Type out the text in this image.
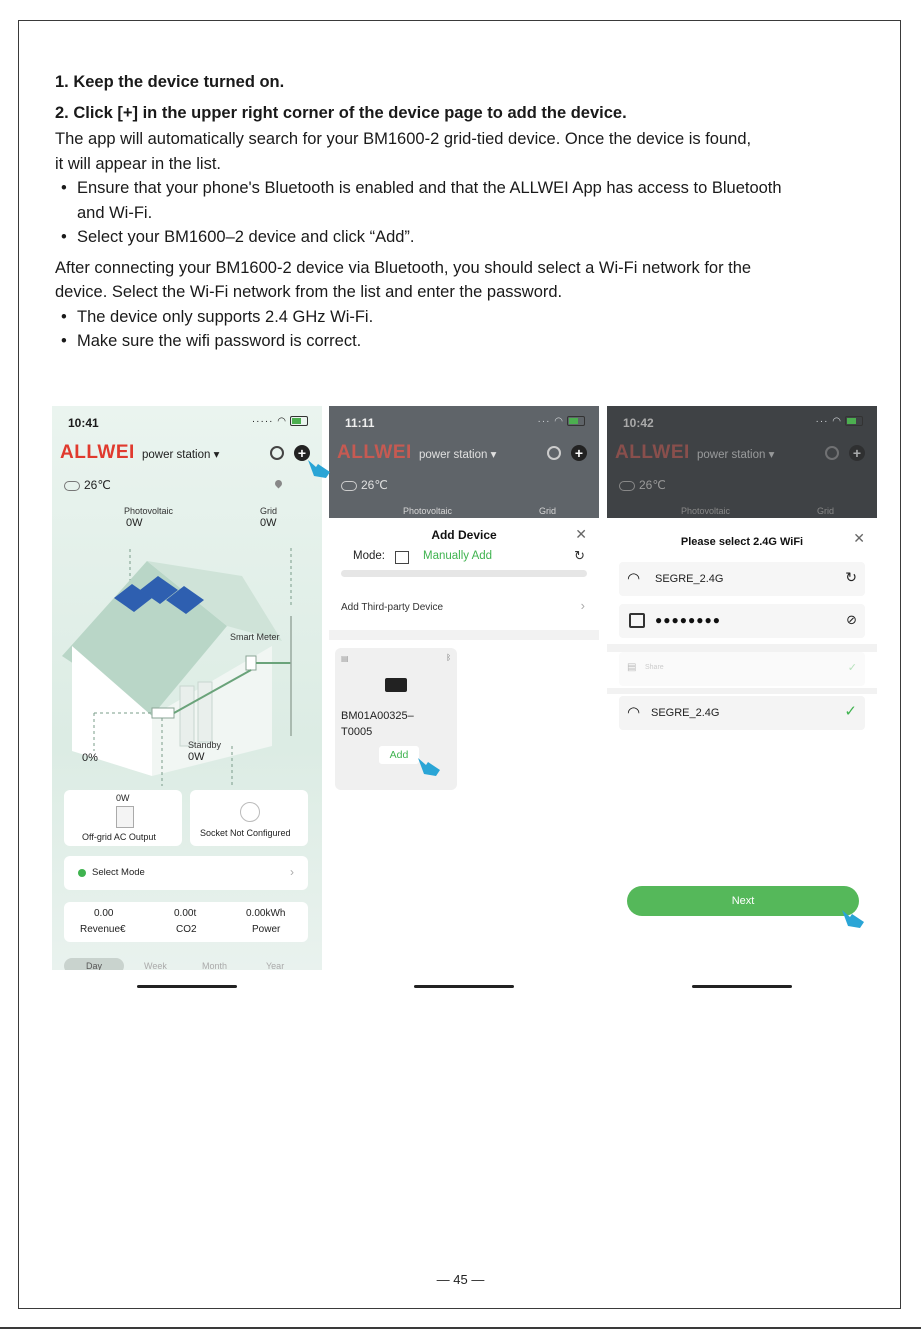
1. Keep the device turned on.

2. Click [+] in the upper right corner of the device page to add the device.

The app will automatically search for your BM1600-2 grid-tied device. Once the device is found,

it will appear in the list.

• Ensure that your phone's Bluetooth is enabled and that the ALLWEI App has access to Bluetooth
and Wi-Fi.
• Select your BM1600–2 device and click “Add”.

After connecting your BM1600-2 device via Bluetooth, you should select a Wi-Fi network for the

device. Select the Wi-Fi network from the list and enter the password.

• The device only supports 2.4 GHz Wi-Fi.
• Make sure the wifi password is correct.
10:41	····· ◠
ALLWEI power station ▾	+
26℃
Photovoltaic
0W
Grid
0W
Smart Meter
0%
Standby
0W
0W
Off-grid AC Output	Socket Not Configured
Select Mode	›
0.00
Revenue€
0.00t
CO2
0.00kWh
Power
Day	Week	Month	Year
11:11	··· ◠
ALLWEI power station ▾	+
26℃
Photovoltaic	Grid
Add Device	✕
Mode:	Manually Add	↻
Add Third-party Device	›
▤	ᛒ
BM01A00325–
T0005
Add
10:42	··· ◠
ALLWEI power station ▾	+
26℃
Photovoltaic	Grid
Please select 2.4G WiFi	✕
◠ SEGRE_2.4G	↻
●●●●●●●●	⊘
▤ Share	✓
◠ SEGRE_2.4G	✓
Next
— 45 —
